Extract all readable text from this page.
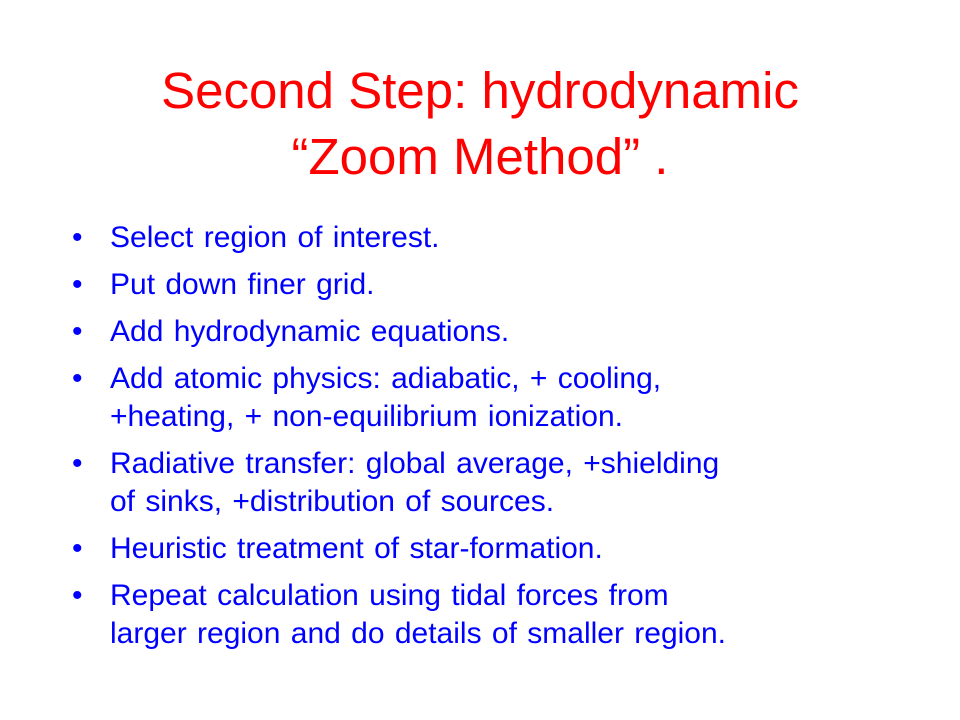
Second Step: hydrodynamic
“Zoom Method” .
• Select region of interest.
• Put down finer grid.
• Add hydrodynamic equations.
• Add atomic physics: adiabatic, + cooling,
+heating, + non-equilibrium ionization.
• Radiative transfer: global average, +shielding
of sinks, +distribution of sources.
• Heuristic treatment of star-formation.
• Repeat calculation using tidal forces from
larger region and do details of smaller region.
